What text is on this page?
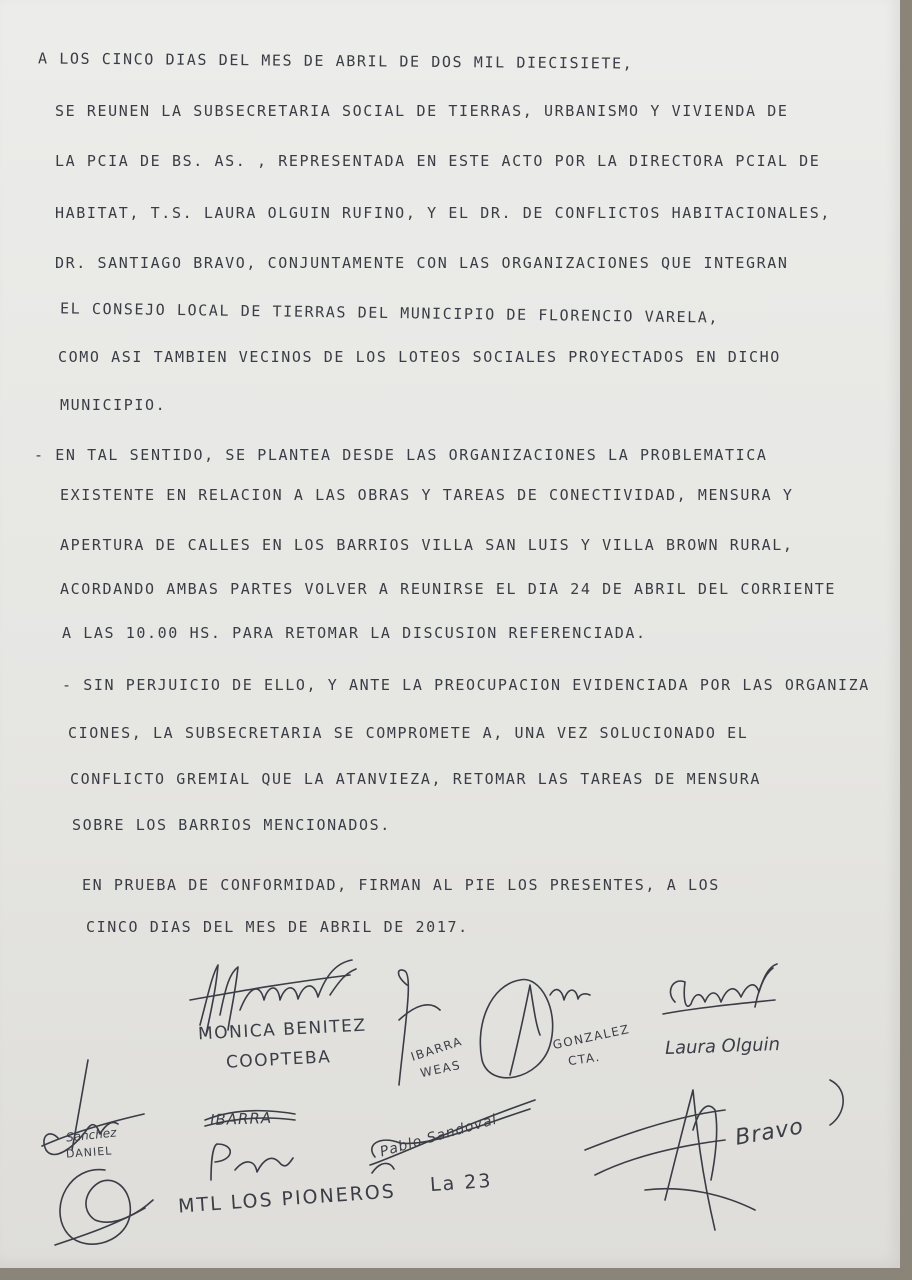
A LOS CINCO DIAS DEL MES DE ABRIL DE DOS MIL DIECISIETE,
SE REUNEN LA SUBSECRETARIA SOCIAL DE TIERRAS, URBANISMO Y VIVIENDA DE
LA PCIA DE BS. AS. , REPRESENTADA EN ESTE ACTO POR LA DIRECTORA PCIAL DE
HABITAT, T.S. LAURA OLGUIN RUFINO, Y EL DR. DE CONFLICTOS HABITACIONALES,
DR. SANTIAGO BRAVO, CONJUNTAMENTE CON LAS ORGANIZACIONES QUE INTEGRAN
EL CONSEJO LOCAL DE TIERRAS DEL MUNICIPIO DE FLORENCIO VARELA,
COMO ASI TAMBIEN VECINOS DE LOS LOTEOS SOCIALES PROYECTADOS EN DICHO
MUNICIPIO.
- EN TAL SENTIDO, SE PLANTEA DESDE LAS ORGANIZACIONES LA PROBLEMATICA
EXISTENTE EN RELACION A LAS OBRAS Y TAREAS DE CONECTIVIDAD, MENSURA Y
APERTURA DE CALLES EN LOS BARRIOS VILLA SAN LUIS Y VILLA BROWN RURAL,
ACORDANDO AMBAS PARTES VOLVER A REUNIRSE EL DIA 24 DE ABRIL DEL CORRIENTE
A LAS 10.00 HS. PARA RETOMAR LA DISCUSION REFERENCIADA.
- SIN PERJUICIO DE ELLO, Y ANTE LA PREOCUPACION EVIDENCIADA POR LAS ORGANIZA
CIONES, LA SUBSECRETARIA SE COMPROMETE A, UNA VEZ SOLUCIONADO EL
CONFLICTO GREMIAL QUE LA ATANVIEZA, RETOMAR LAS TAREAS DE MENSURA
SOBRE LOS BARRIOS MENCIONADOS.
EN PRUEBA DE CONFORMIDAD, FIRMAN AL PIE LOS PRESENTES, A LOS
CINCO DIAS DEL MES DE ABRIL DE 2017.
MONICA BENITEZ
COOPTEBA	IBARRA
WEAS
GONZALEZ
CTA.	Laura Olguin
Sanchez
DANIEL
IBARRA
MTL LOS PIONEROS
Pablo Sandoval
La 23
Bravo
